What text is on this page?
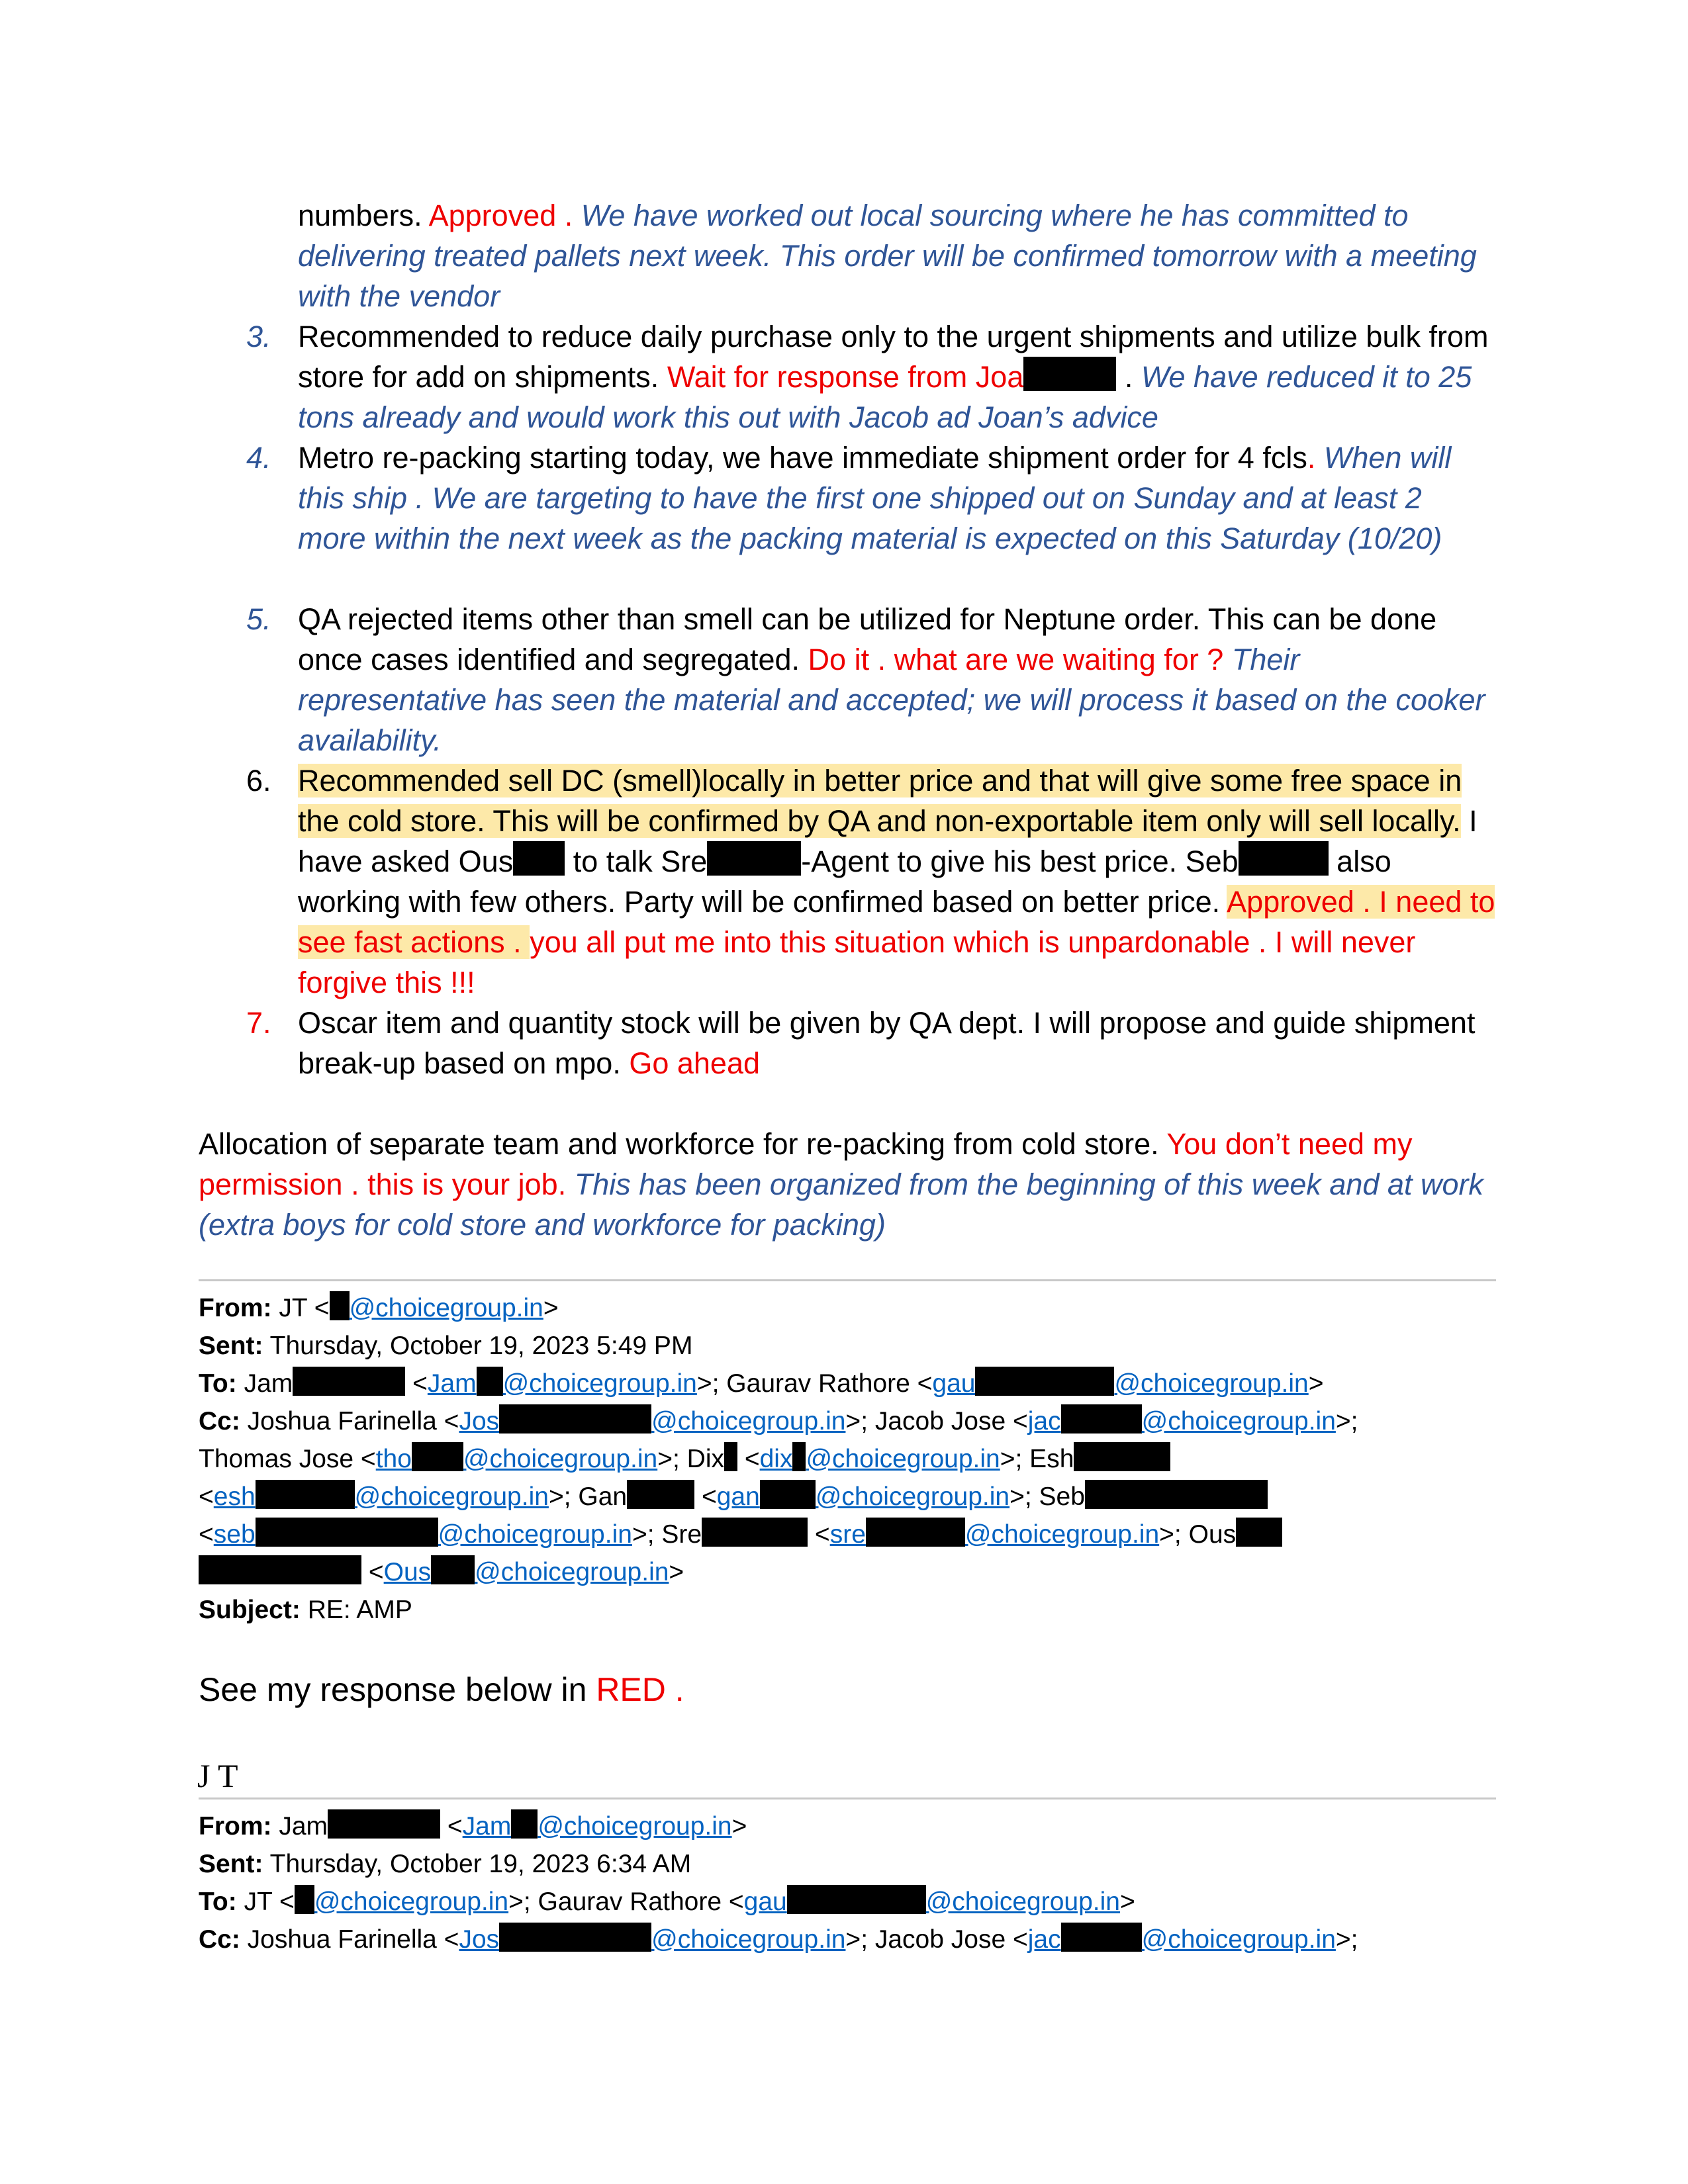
numbers. Approved . We have worked out local sourcing where he has committed to delivering treated pallets next week. This order will be confirmed tomorrow with a meeting with the vendor
3. Recommended to reduce daily purchase only to the urgent shipments and utilize bulk from store for add on shipments. Wait for response from Joa	. We have reduced it to 25 tons already and would work this out with Jacob ad Joan’s advice
4. Metro re-packing starting today, we have immediate shipment order for 4 fcls. When will this ship . We are targeting to have the first one shipped out on Sunday and at least 2 more within the next week as the packing material is expected on this Saturday (10/20)
5. QA rejected items other than smell can be utilized for Neptune order. This can be done once cases identified and segregated. Do it . what are we waiting for ? Their representative has seen the material and accepted; we will process it based on the cooker availability.
6. Recommended sell DC (smell)locally in better price and that will give some free space in the cold store. This will be confirmed by QA and non-exportable item only will sell locally. I have asked Ous to talk Sre	-Agent to give his best price. Seb	also working with few others. Party will be confirmed based on better price. Approved . I need to see fast actions . you all put me into this situation which is unpardonable . I will never forgive this !!!
7. Oscar item and quantity stock will be given by QA dept. I will propose and guide shipment break-up based on mpo. Go ahead
Allocation of separate team and workforce for re-packing from cold store. You don’t need my permission . this is your job. This has been organized from the beginning of this week and at work (extra boys for cold store and workforce for packing)
From: JT < @choicegroup.in>
Sent: Thursday, October 19, 2023 5:49 PM
To: Jam	<Jam @choicegroup.in>; Gaurav Rathore <gau	@choicegroup.in>
Cc: Joshua Farinella <Jos	@choicegroup.in>; Jacob Jose <jac	@choicegroup.in>;
Thomas Jose <tho @choicegroup.in>; Dix <dix @choicegroup.in>; Esh
<esh	@choicegroup.in>; Gan	<gan @choicegroup.in>; Seb
<seb	@choicegroup.in>; Sre	<sre	@choicegroup.in>; Ous
<Ous @choicegroup.in>
Subject: RE: AMP
See my response below in RED .
J T
From: Jam	<Jam @choicegroup.in>
Sent: Thursday, October 19, 2023 6:34 AM
To: JT < @choicegroup.in>; Gaurav Rathore <gau	@choicegroup.in>
Cc: Joshua Farinella <Jos	@choicegroup.in>; Jacob Jose <jac	@choicegroup.in>;
